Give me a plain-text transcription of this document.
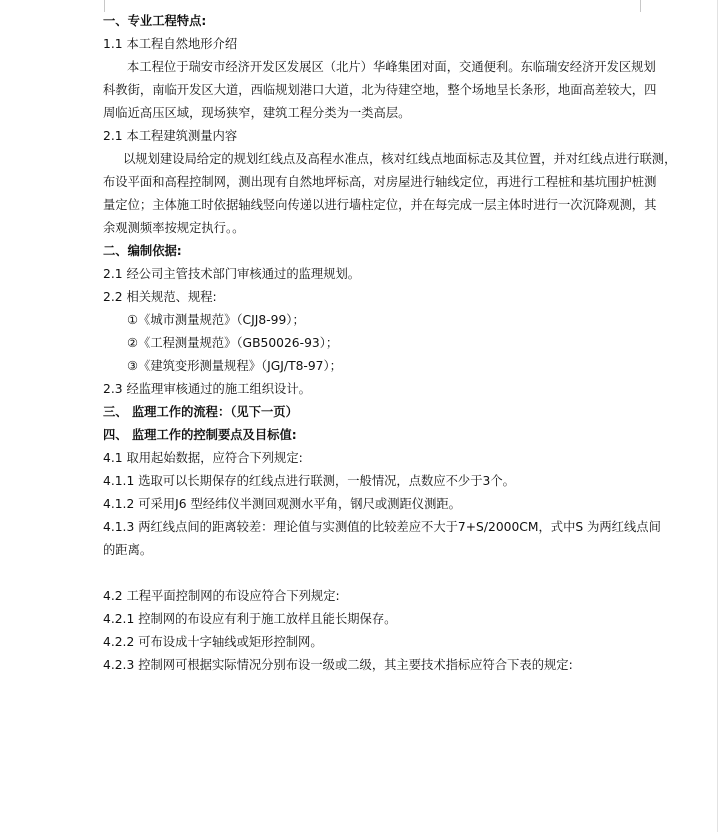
一、专业工程特点:
1.1 本工程自然地形介绍
本工程位于瑞安市经济开发区发展区（北片）华峰集团对面，交通便利。东临瑞安经济开发区规划
科教街，南临开发区大道，西临规划港口大道，北为待建空地，整个场地呈长条形，地面高差较大，四
周临近高压区域，现场狭窄，建筑工程分类为一类高层。
2.1 本工程建筑测量内容
以规划建设局给定的规划红线点及高程水准点，核对红线点地面标志及其位置，并对红线点进行联测，
布设平面和高程控制网，测出现有自然地坪标高，对房屋进行轴线定位，再进行工程桩和基坑围护桩测
量定位；主体施工时依据轴线竖向传递以进行墙柱定位，并在每完成一层主体时进行一次沉降观测，其
余观测频率按规定执行。。
二、编制依据:
2.1 经公司主管技术部门审核通过的监理规划。
2.2 相关规范、规程:
①《城市测量规范》（CJJ8-99）；
②《工程测量规范》（GB50026-93）；
③《建筑变形测量规程》（JGJ/T8-97）；
2.3 经监理审核通过的施工组织设计。
三、 监理工作的流程：（见下一页）
四、 监理工作的控制要点及目标值:
4.1 取用起始数据，应符合下列规定:
4.1.1 选取可以长期保存的红线点进行联测，一般情况，点数应不少于3个。
4.1.2 可采用J6 型经纬仪半测回观测水平角，钢尺或测距仪测距。
4.1.3 两红线点间的距离较差：理论值与实测值的比较差应不大于7+S/2000CM，式中S 为两红线点间
的距离。
4.2 工程平面控制网的布设应符合下列规定:
4.2.1 控制网的布设应有利于施工放样且能长期保存。
4.2.2 可布设成十字轴线或矩形控制网。
4.2.3 控制网可根据实际情况分别布设一级或二级，其主要技术指标应符合下表的规定:
